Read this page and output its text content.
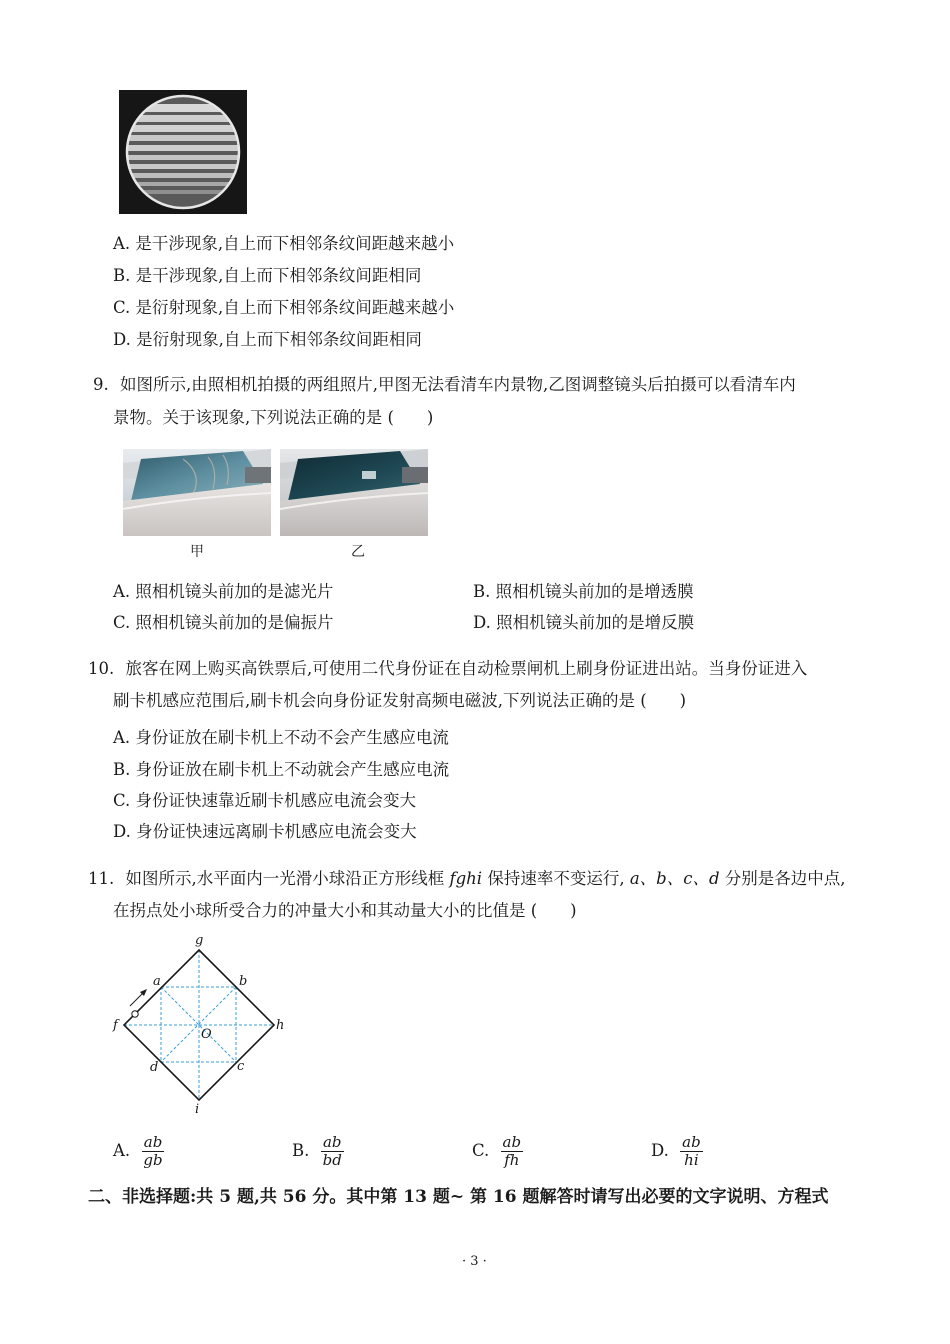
A. 是干涉现象,自上而下相邻条纹间距越来越小
B. 是干涉现象,自上而下相邻条纹间距相同
C. 是衍射现象,自上而下相邻条纹间距越来越小
D. 是衍射现象,自上而下相邻条纹间距相同
9. 如图所示,由照相机拍摄的两组照片,甲图无法看清车内景物,乙图调整镜头后拍摄可以看清车内
景物。关于该现象,下列说法正确的是 (　　)
甲	乙
A. 照相机镜头前加的是滤光片	B. 照相机镜头前加的是增透膜
C. 照相机镜头前加的是偏振片	D. 照相机镜头前加的是增反膜
10. 旅客在网上购买高铁票后,可使用二代身份证在自动检票闸机上刷身份证进出站。当身份证进入
刷卡机感应范围后,刷卡机会向身份证发射高频电磁波,下列说法正确的是 (　　)
A. 身份证放在刷卡机上不动不会产生感应电流
B. 身份证放在刷卡机上不动就会产生感应电流
C. 身份证快速靠近刷卡机感应电流会变大
D. 身份证快速远离刷卡机感应电流会变大
11. 如图所示,水平面内一光滑小球沿正方形线框 fghi 保持速率不变运行, a、b、c、d 分别是各边中点,
在拐点处小球所受合力的冲量大小和其动量大小的比值是 (　　)
g
h
i
f
a	b
c
d
O
A. $\frac{ab}{gb}$	B. $\frac{ab}{bd}$	C. $\frac{ab}{fh}$	D. $\frac{ab}{hi}$
二、非选择题:共 5 题,共 56 分。其中第 13 题~ 第 16 题解答时请写出必要的文字说明、方程式
· 3 ·
